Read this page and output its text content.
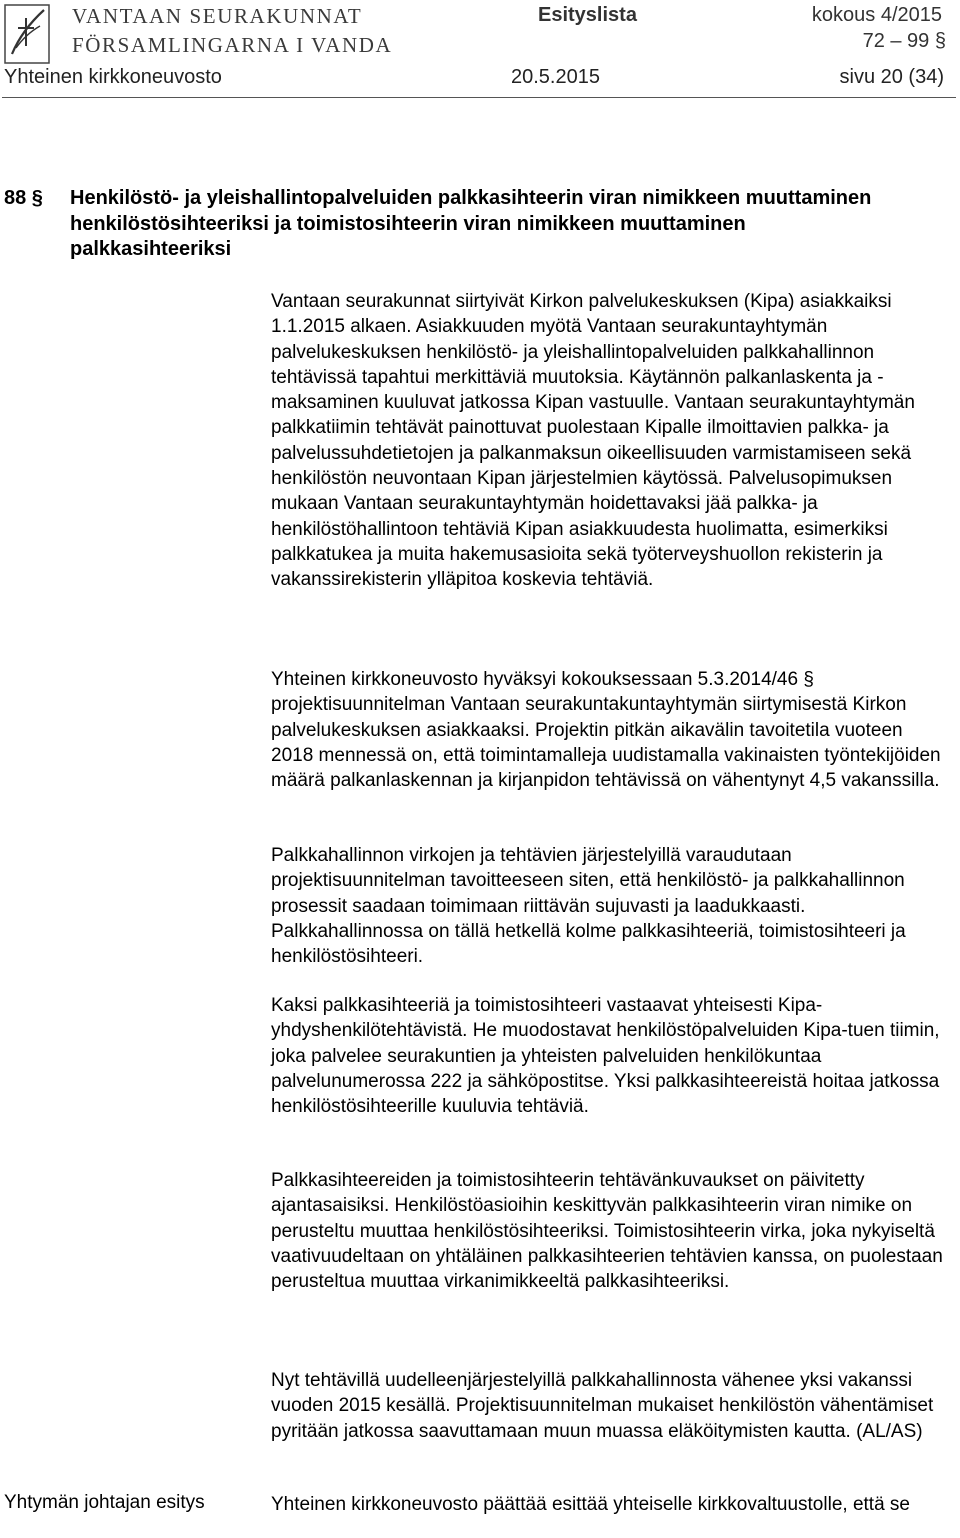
VANTAAN SEURAKUNNAT
FÖRSAMLINGARNA I VANDA
Esityslista	kokous 4/2015
72 – 99 §
Yhteinen kirkkoneuvosto	20.5.2015	sivu 20 (34)
88 § Henkilöstö- ja yleishallintopalveluiden palkkasihteerin viran nimikkeen muuttaminen henkilöstösihteeriksi ja toimistosihteerin viran nimikkeen muuttaminen palkkasihteeriksi

Vantaan seurakunnat siirtyivät Kirkon palvelukeskuksen (Kipa) asiakkaiksi 1.1.2015 alkaen. Asiakkuuden myötä Vantaan seurakuntayhtymän palvelukeskuksen henkilöstö- ja yleishallintopalveluiden palkkahallinnon tehtävissä tapahtui merkittäviä muutoksia. Käytännön palkanlaskenta ja -maksaminen kuuluvat jatkossa Kipan vastuulle. Vantaan seurakuntayhtymän palkkatiimin tehtävät painottuvat puolestaan Kipalle ilmoittavien palkka- ja palvelussuhdetietojen ja palkanmaksun oikeellisuuden varmistamiseen sekä henkilöstön neuvontaan Kipan järjestelmien käytössä. Palvelusopimuksen mukaan Vantaan seurakuntayhtymän hoidettavaksi jää palkka- ja henkilöstöhallintoon tehtäviä Kipan asiakkuudesta huolimatta, esimerkiksi palkkatukea ja muita hakemusasioita sekä työterveyshuollon rekisterin ja vakanssirekisterin ylläpitoa koskevia tehtäviä.

Yhteinen kirkkoneuvosto hyväksyi kokouksessaan 5.3.2014/46 § projektisuunnitelman Vantaan seurakuntakuntayhtymän siirtymisestä Kirkon palvelukeskuksen asiakkaaksi. Projektin pitkän aikavälin tavoitetila vuoteen 2018 mennessä on, että toimintamalleja uudistamalla vakinaisten työntekijöiden määrä palkanlaskennan ja kirjanpidon tehtävissä on vähentynyt 4,5 vakanssilla.

Palkkahallinnon virkojen ja tehtävien järjestelyillä varaudutaan projektisuunnitelman tavoitteeseen siten, että henkilöstö- ja palkkahallinnon prosessit saadaan toimimaan riittävän sujuvasti ja laadukkaasti. Palkkahallinnossa on tällä hetkellä kolme palkkasihteeriä, toimistosihteeri ja henkilöstösihteeri.

Kaksi palkkasihteeriä ja toimistosihteeri vastaavat yhteisesti Kipa-yhdyshenkilötehtävistä. He muodostavat henkilöstöpalveluiden Kipa-tuen tiimin, joka palvelee seurakuntien ja yhteisten palveluiden henkilökuntaa palvelunumerossa 222 ja sähköpostitse. Yksi palkkasihteereistä hoitaa jatkossa henkilöstösihteerille kuuluvia tehtäviä.

Palkkasihteereiden ja toimistosihteerin tehtävänkuvaukset on päivitetty ajantasaisiksi. Henkilöstöasioihin keskittyvän palkkasihteerin viran nimike on perusteltu muuttaa henkilöstösihteeriksi. Toimistosihteerin virka, joka nykyiseltä vaativuudeltaan on yhtäläinen palkkasihteerien tehtävien kanssa, on puolestaan perusteltua muuttaa virkanimikkeeltä palkkasihteeriksi.

Nyt tehtävillä uudelleenjärjestelyillä palkkahallinnosta vähenee yksi vakanssi vuoden 2015 kesällä. Projektisuunnitelman mukaiset henkilöstön vähentämiset pyritään jatkossa saavuttamaan muun muassa eläköitymisten kautta. (AL/AS)

Yhtymän johtajan esitys	Yhteinen kirkkoneuvosto päättää esittää yhteiselle kirkkovaltuustolle, että se
